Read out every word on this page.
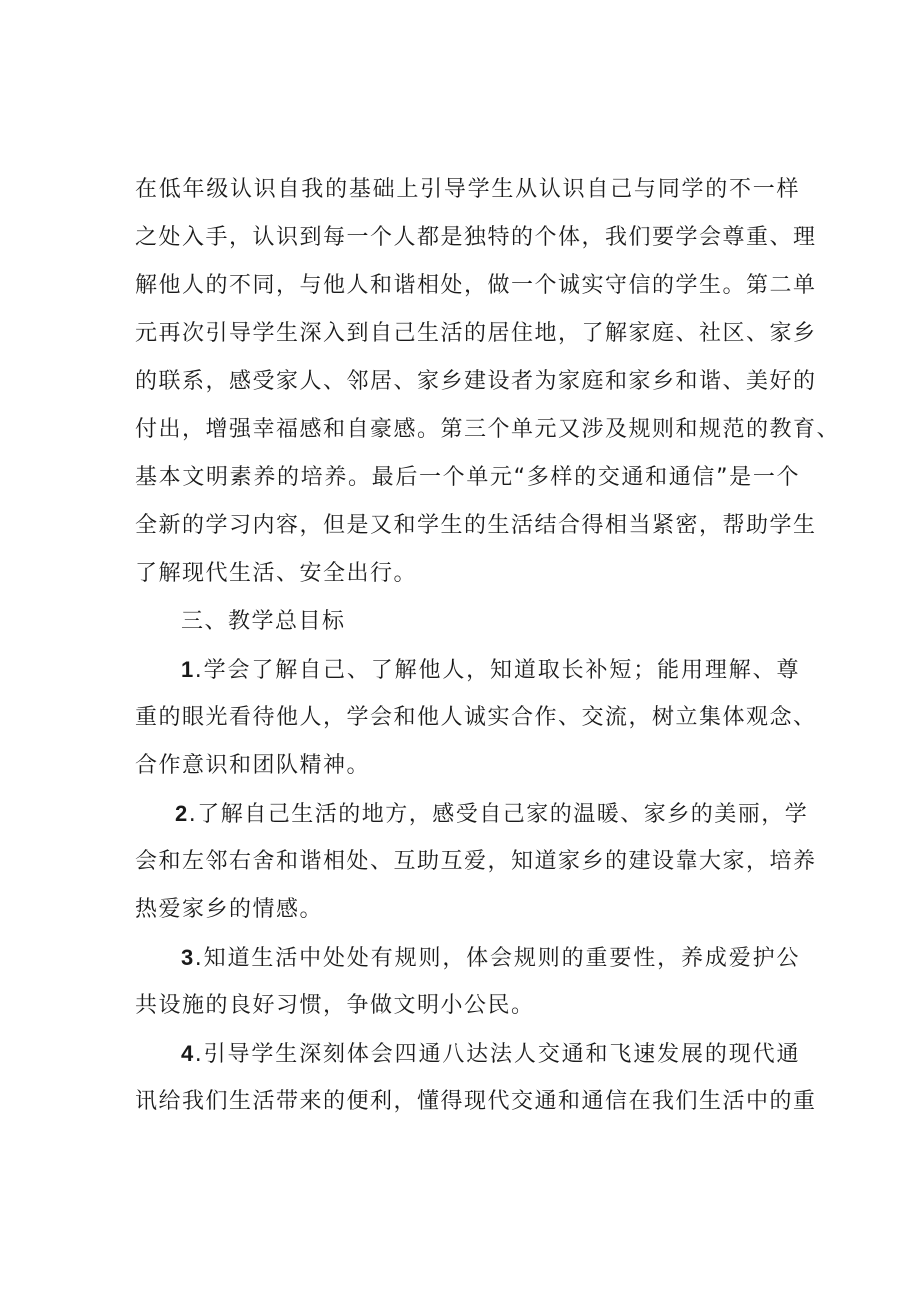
在低年级认识自我的基础上引导学生从认识自己与同学的不一样
之处入手，认识到每一个人都是独特的个体，我们要学会尊重、理
解他人的不同，与他人和谐相处，做一个诚实守信的学生。第二单
元再次引导学生深入到自己生活的居住地，了解家庭、社区、家乡
的联系，感受家人、邻居、家乡建设者为家庭和家乡和谐、美好的
付出，增强幸福感和自豪感。第三个单元又涉及规则和规范的教育、
基本文明素养的培养。最后一个单元“多样的交通和通信”是一个
全新的学习内容，但是又和学生的生活结合得相当紧密，帮助学生
了解现代生活、安全出行。
三、教学总目标
1.学会了解自己、了解他人，知道取长补短；能用理解、尊
重的眼光看待他人，学会和他人诚实合作、交流，树立集体观念、
合作意识和团队精神。
2.了解自己生活的地方，感受自己家的温暖、家乡的美丽，学
会和左邻右舍和谐相处、互助互爱，知道家乡的建设靠大家，培养
热爱家乡的情感。
3.知道生活中处处有规则，体会规则的重要性，养成爱护公
共设施的良好习惯，争做文明小公民。
4.引导学生深刻体会四通八达法人交通和飞速发展的现代通
讯给我们生活带来的便利，懂得现代交通和通信在我们生活中的重
